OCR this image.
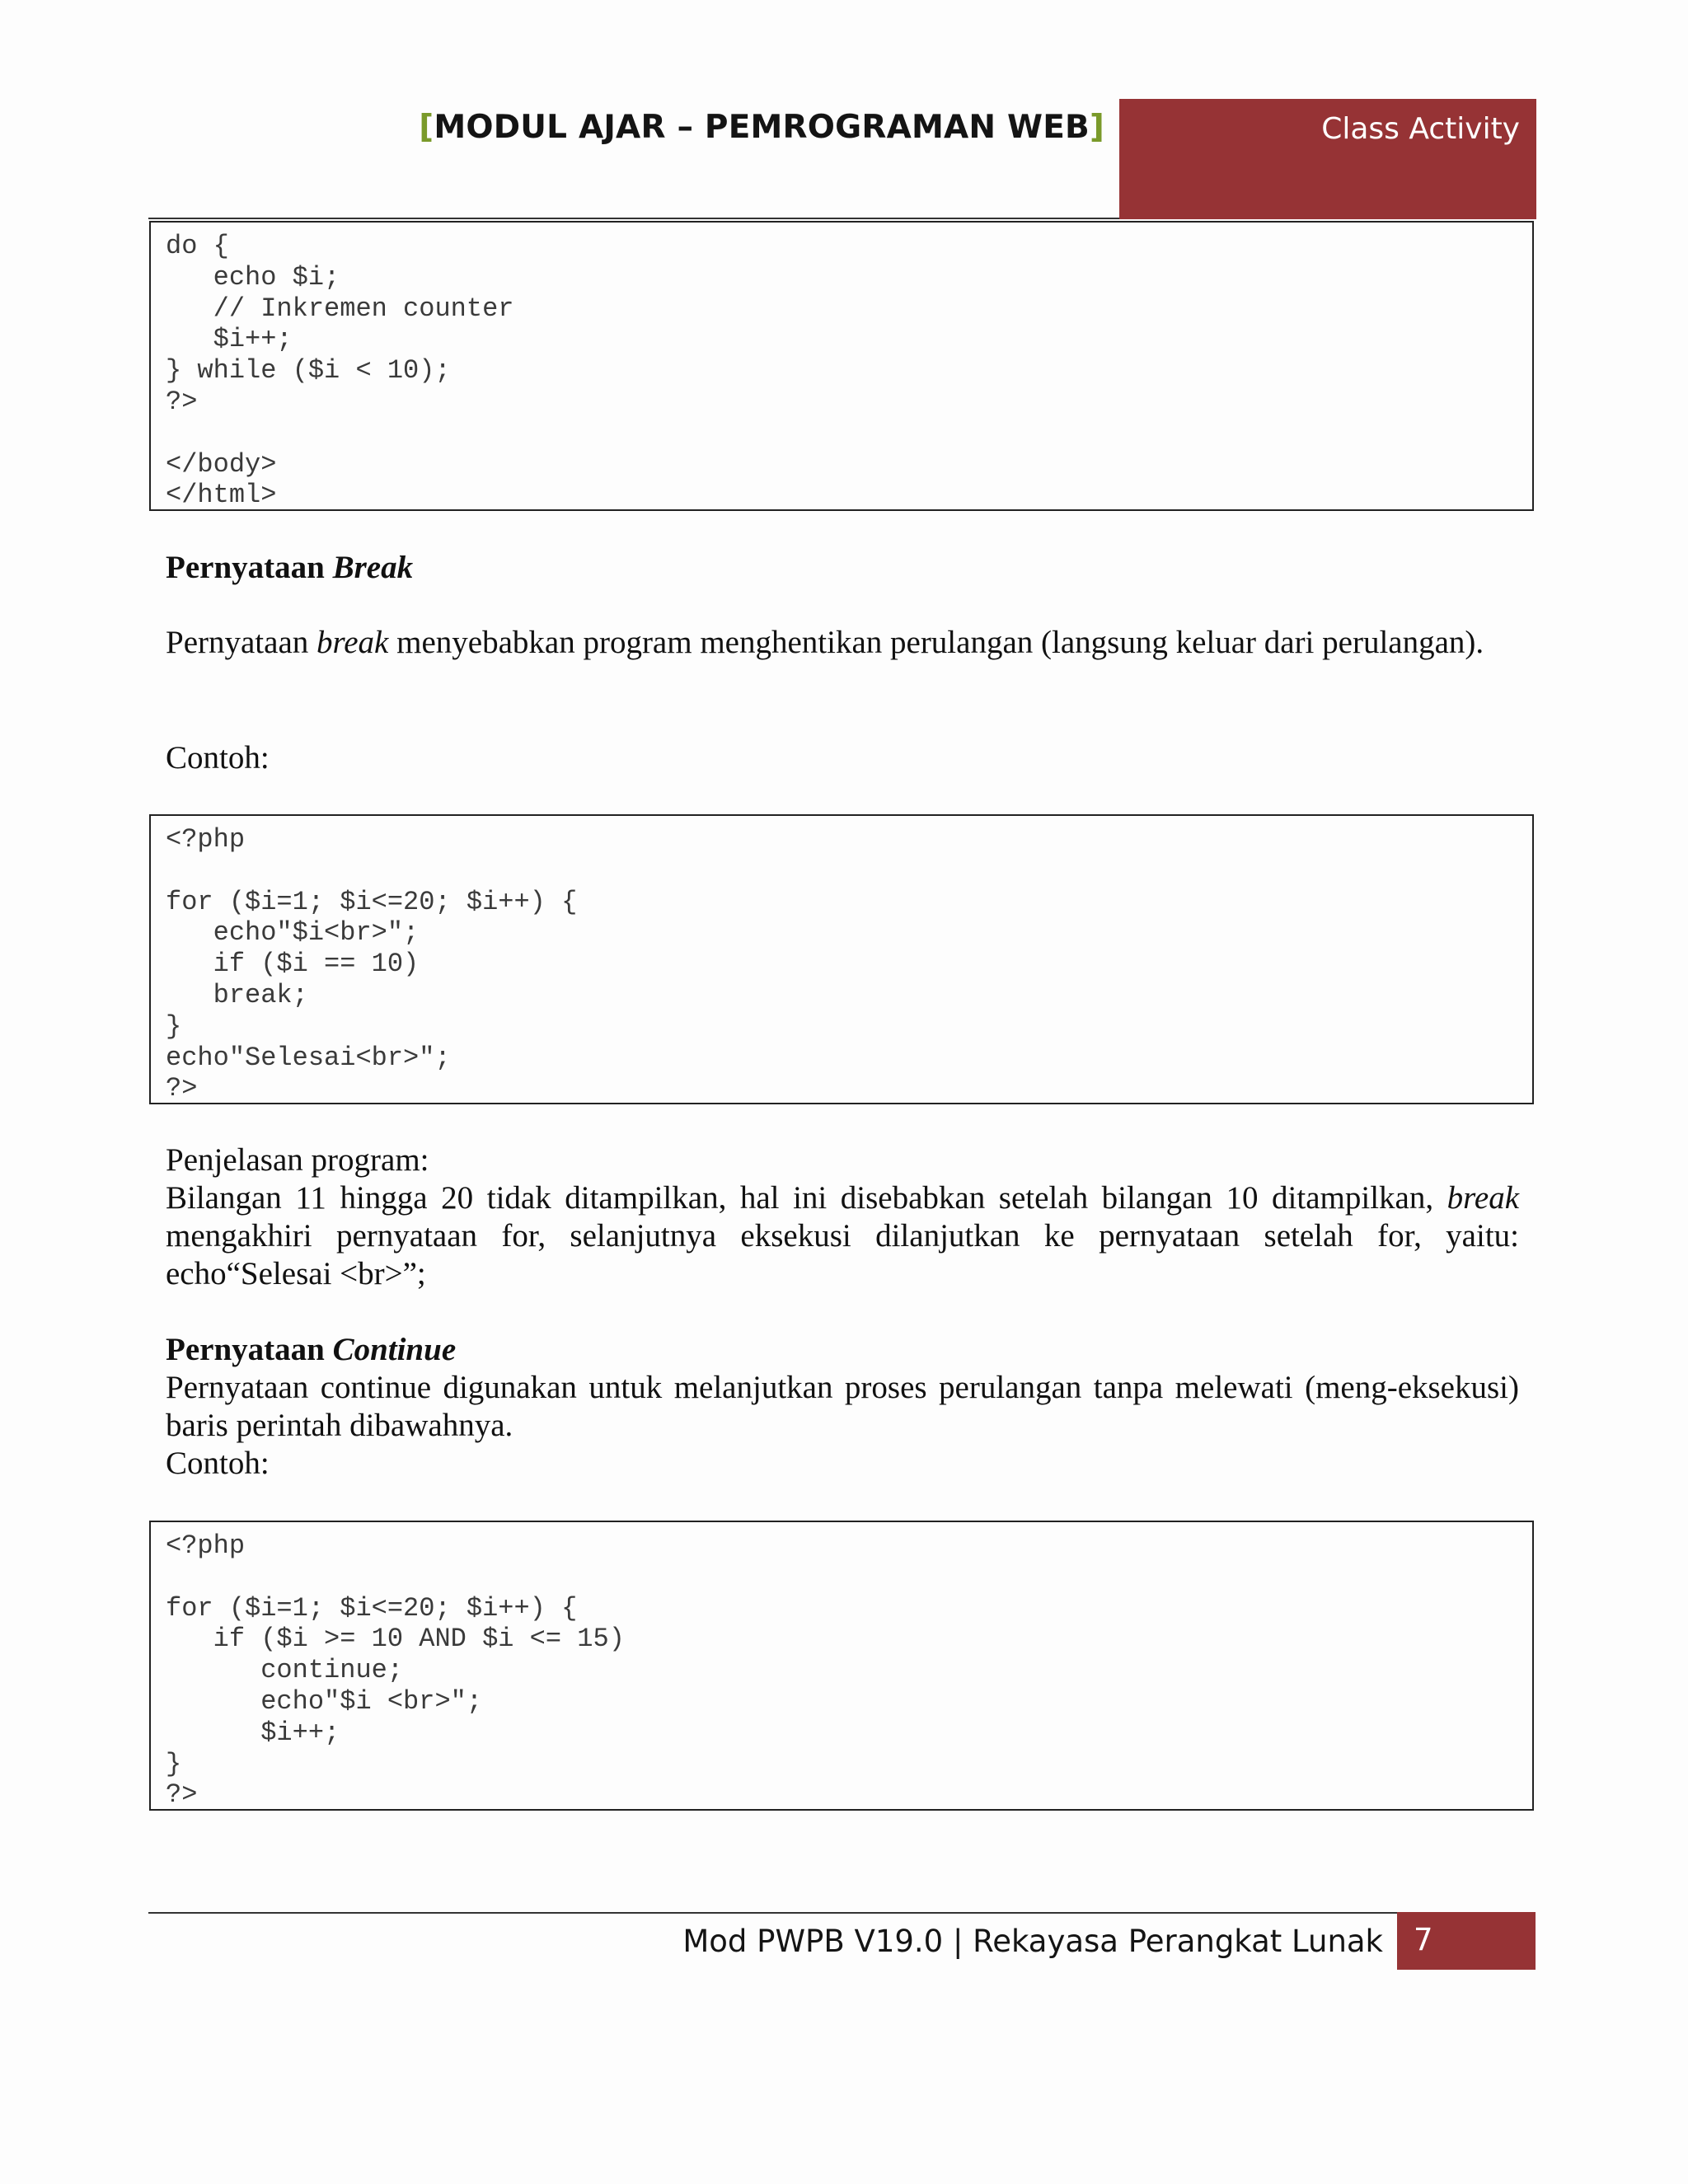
[MODUL AJAR – PEMROGRAMAN WEB]	Class Activity
do {
echo $i;
// Inkremen counter
$i++;
} while ($i < 10);
?>

</body>
</html>
Pernyataan Break
Pernyataan break menyebabkan program menghentikan perulangan (langsung keluar dari perulangan).
Contoh:
<?php

for ($i=1; $i<=20; $i++) {
echo"$i<br>";
if ($i == 10)
break;
}
echo"Selesai<br>";
?>
Penjelasan program:
Bilangan 11 hingga 20 tidak ditampilkan, hal ini disebabkan setelah bilangan 10 ditampilkan, break mengakhiri pernyataan for, selanjutnya eksekusi dilanjutkan ke pernyataan setelah for, yaitu: echo“Selesai <br>”;
Pernyataan Continue
Pernyataan continue digunakan untuk melanjutkan proses perulangan tanpa melewati (meng-eksekusi) baris perintah dibawahnya.
Contoh:
<?php

for ($i=1; $i<=20; $i++) {
if ($i >= 10 AND $i <= 15)
continue;
echo"$i <br>";
$i++;
}
?>
Mod PWPB V19.0 | Rekayasa Perangkat Lunak 7
